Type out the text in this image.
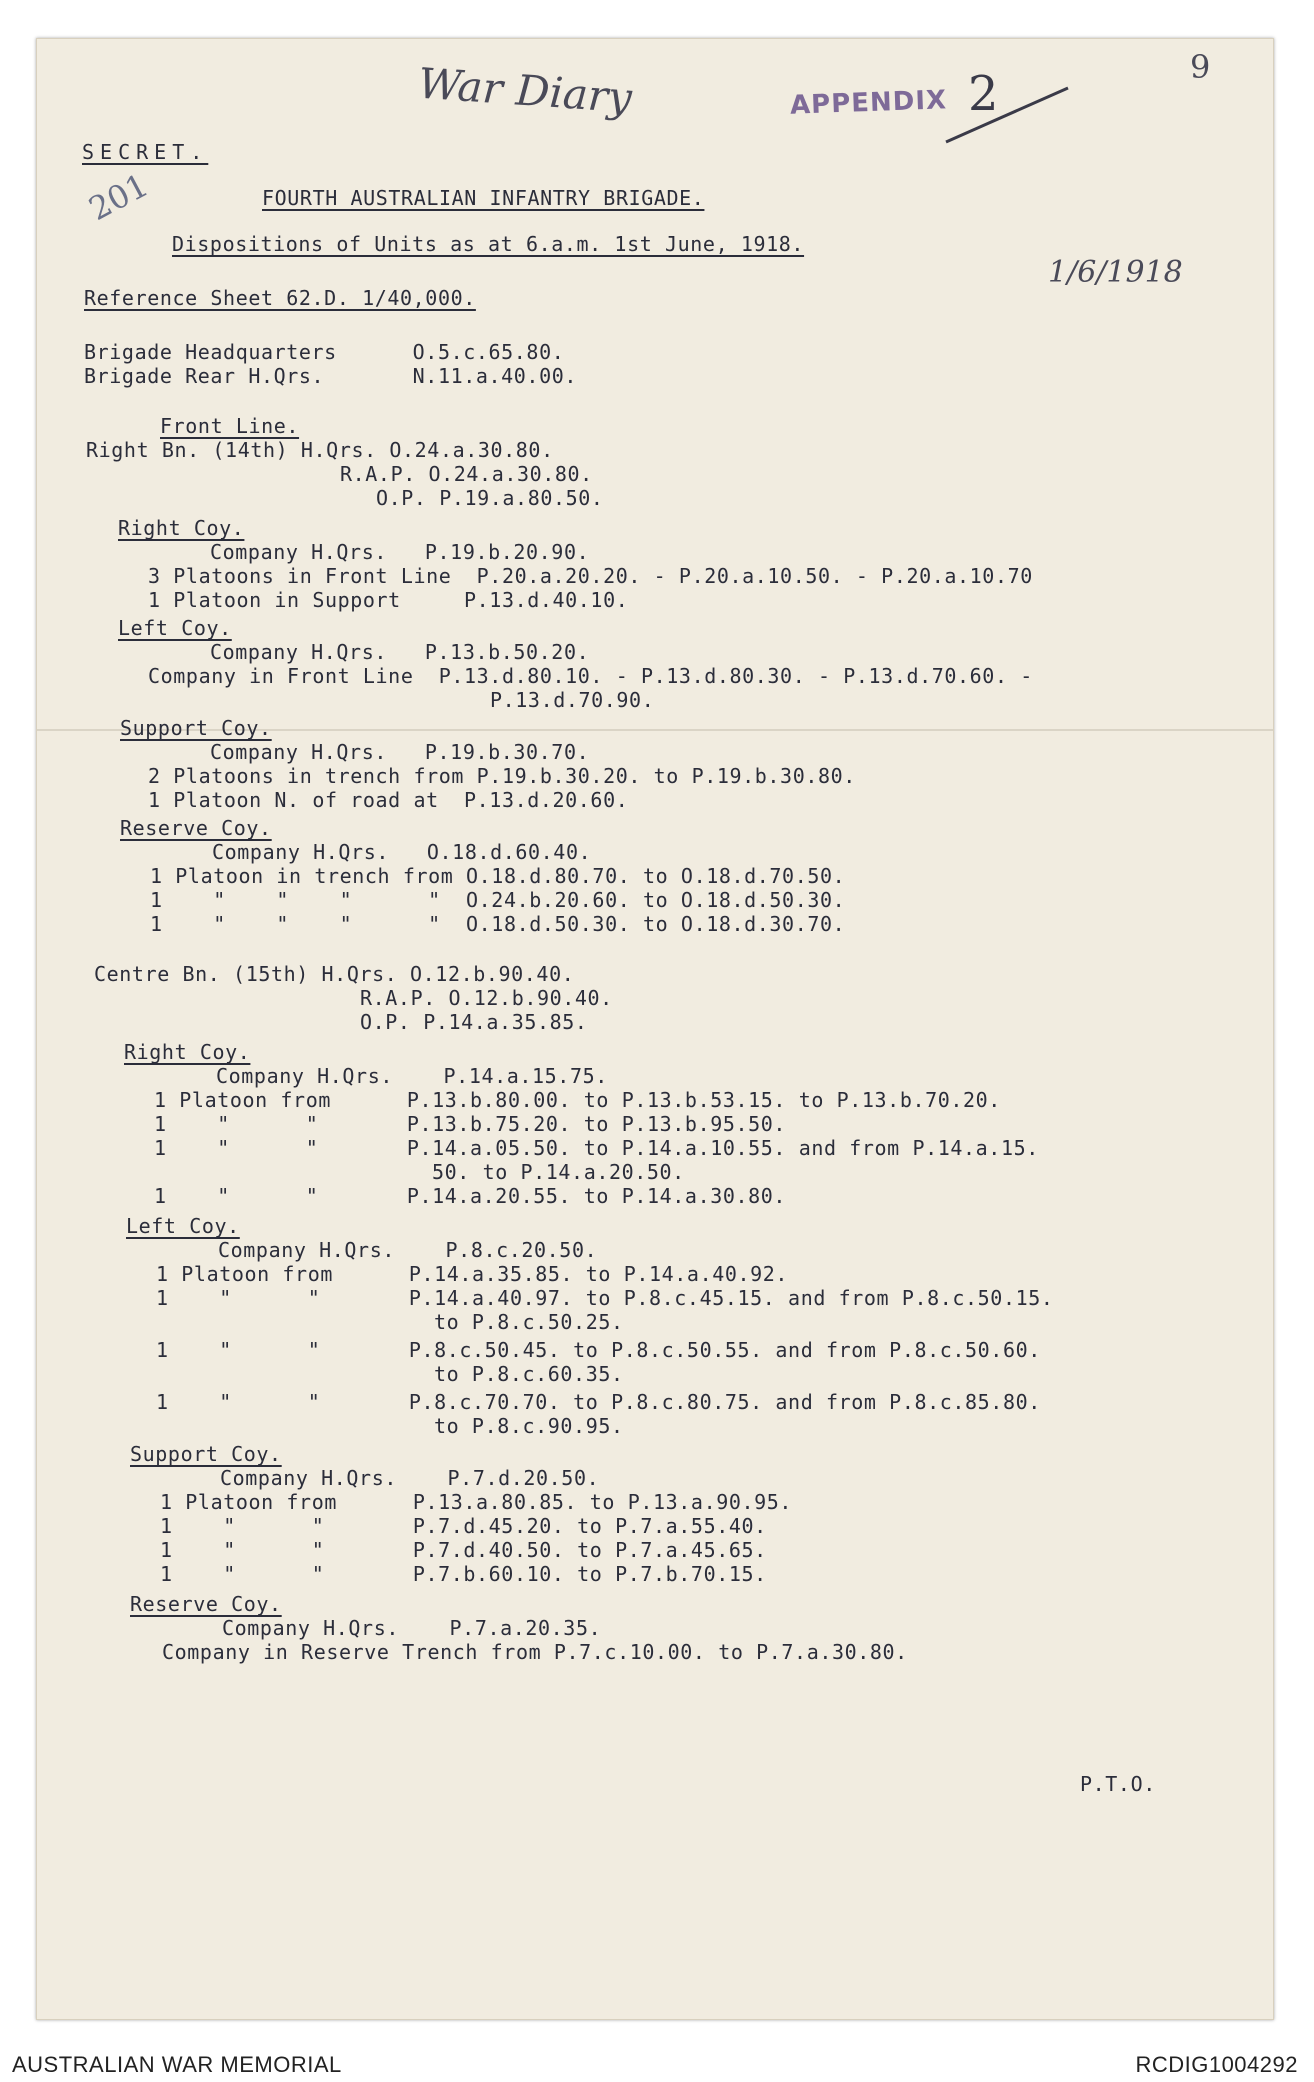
War Diary	APPENDIX 2	9
201
1/6/1918
SECRET.
FOURTH AUSTRALIAN INFANTRY BRIGADE.
Dispositions of Units as at 6.a.m. 1st June, 1918.
Reference Sheet 62.D. 1/40,000.
Brigade Headquarters      O.5.c.65.80.
Brigade Rear H.Qrs.       N.11.a.40.00.
Front Line.
Right Bn. (14th) H.Qrs. O.24.a.30.80.
R.A.P. O.24.a.30.80.
O.P. P.19.a.80.50.
Right Coy.
Company H.Qrs.   P.19.b.20.90.
3 Platoons in Front Line  P.20.a.20.20. - P.20.a.10.50. - P.20.a.10.70
1 Platoon in Support     P.13.d.40.10.
Left Coy.
Company H.Qrs.   P.13.b.50.20.
Company in Front Line  P.13.d.80.10. - P.13.d.80.30. - P.13.d.70.60. -
P.13.d.70.90.
Support Coy.
Company H.Qrs.   P.19.b.30.70.
2 Platoons in trench from P.19.b.30.20. to P.19.b.30.80.
1 Platoon N. of road at  P.13.d.20.60.
Reserve Coy.
Company H.Qrs.   O.18.d.60.40.
1 Platoon in trench from O.18.d.80.70. to O.18.d.70.50.
1    "    "    "      "  O.24.b.20.60. to O.18.d.50.30.
1    "    "    "      "  O.18.d.50.30. to O.18.d.30.70.
Centre Bn. (15th) H.Qrs. O.12.b.90.40.
R.A.P. O.12.b.90.40.
O.P. P.14.a.35.85.
Right Coy.
Company H.Qrs.    P.14.a.15.75.
1 Platoon from      P.13.b.80.00. to P.13.b.53.15. to P.13.b.70.20.
1    "      "       P.13.b.75.20. to P.13.b.95.50.
1    "      "       P.14.a.05.50. to P.14.a.10.55. and from P.14.a.15.
50. to P.14.a.20.50.
1    "      "       P.14.a.20.55. to P.14.a.30.80.
Left Coy.
Company H.Qrs.    P.8.c.20.50.
1 Platoon from      P.14.a.35.85. to P.14.a.40.92.
1    "      "       P.14.a.40.97. to P.8.c.45.15. and from P.8.c.50.15.
to P.8.c.50.25.
1    "      "       P.8.c.50.45. to P.8.c.50.55. and from P.8.c.50.60.
to P.8.c.60.35.
1    "      "       P.8.c.70.70. to P.8.c.80.75. and from P.8.c.85.80.
to P.8.c.90.95.
Support Coy.
Company H.Qrs.    P.7.d.20.50.
1 Platoon from      P.13.a.80.85. to P.13.a.90.95.
1    "      "       P.7.d.45.20. to P.7.a.55.40.
1    "      "       P.7.d.40.50. to P.7.a.45.65.
1    "      "       P.7.b.60.10. to P.7.b.70.15.
Reserve Coy.
Company H.Qrs.    P.7.a.20.35.
Company in Reserve Trench from P.7.c.10.00. to P.7.a.30.80.
P.T.O.
AUSTRALIAN WAR MEMORIAL	RCDIG1004292
